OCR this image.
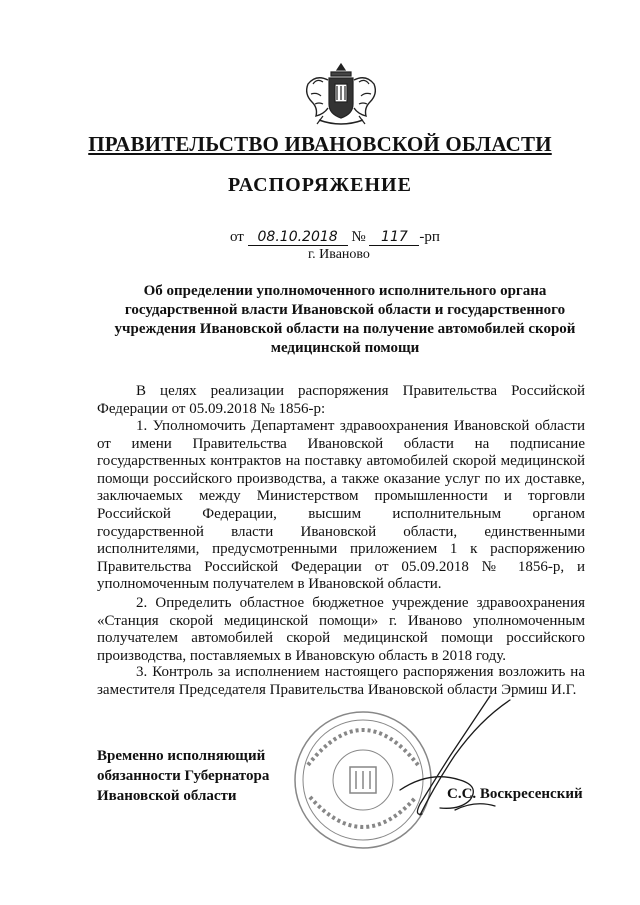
ПРАВИТЕЛЬСТВО ИВАНОВСКОЙ ОБЛАСТИ
РАСПОРЯЖЕНИЕ
от 08.10.2018 № 117 -рп
г. Иваново
Об определении уполномоченного исполнительного органа государственной власти Ивановской области и государственного учреждения Ивановской области на получение автомобилей скорой медицинской помощи

В целях реализации распоряжения Правительства Российской Федерации от 05.09.2018 № 1856-р:

1. Уполномочить Департамент здравоохранения Ивановской области от имени Правительства Ивановской области на подписание государственных контрактов на поставку автомобилей скорой медицинской помощи российского производства, а также оказание услуг по их доставке, заключаемых между Министерством промышленности и торговли Российской Федерации, высшим исполнительным органом государственной власти Ивановской области, единственными исполнителями, предусмотренными приложением 1 к распоряжению Правительства Российской Федерации от 05.09.2018 № 1856-р, и уполномоченным получателем в Ивановской области.

2. Определить областное бюджетное учреждение здравоохранения «Станция скорой медицинской помощи» г. Иваново уполномоченным получателем автомобилей скорой медицинской помощи российского производства, поставляемых в Ивановскую область в 2018 году.

3. Контроль за исполнением настоящего распоряжения возложить на заместителя Председателя Правительства Ивановской области Эрмиш И.Г.

Временно исполняющий
обязанности Губернатора
Ивановской области	С.С. Воскресенский
